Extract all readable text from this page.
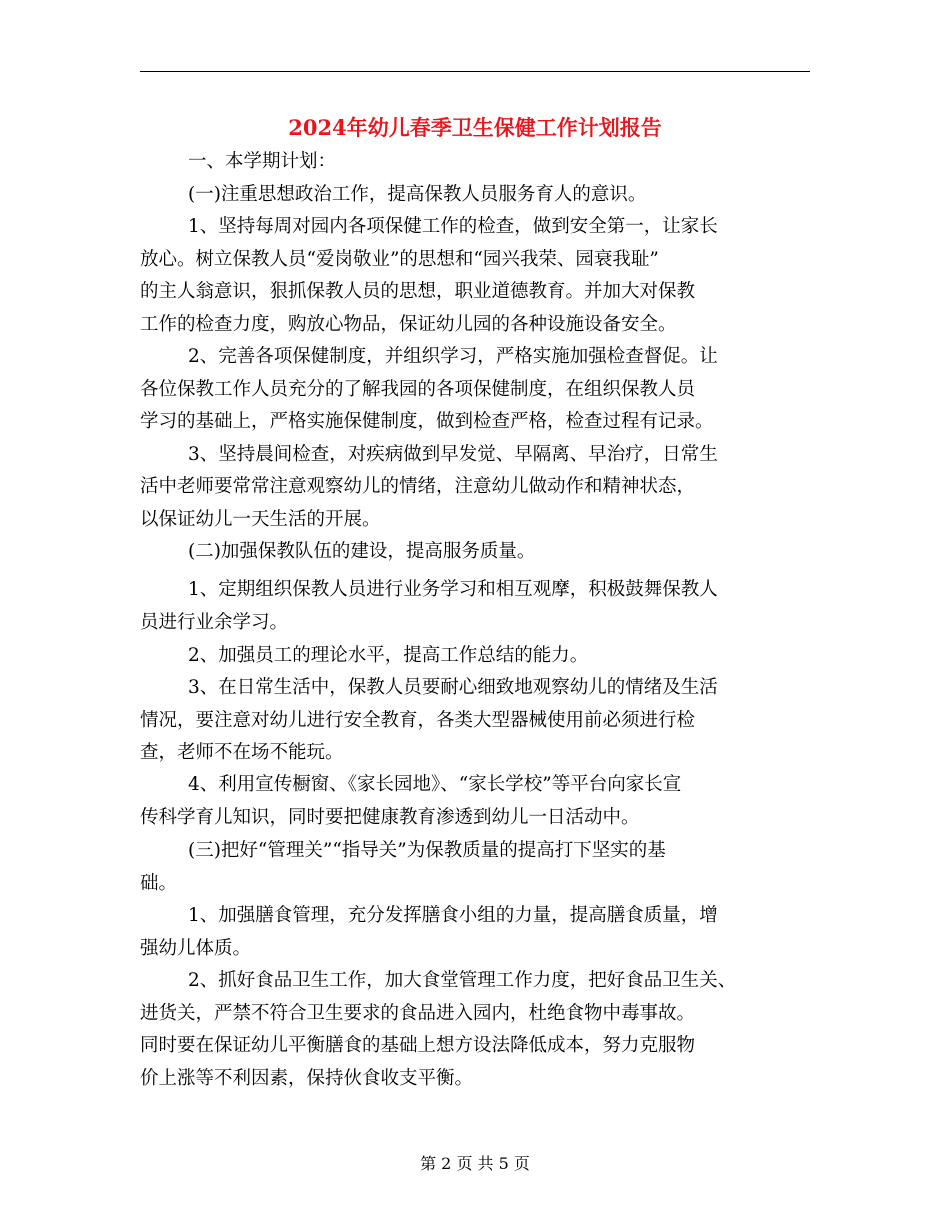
2024年幼儿春季卫生保健工作计划报告
一、本学期计划：
(一)注重思想政治工作，提高保教人员服务育人的意识。
1、坚持每周对园内各项保健工作的检查，做到安全第一，让家长
放心。树立保教人员“爱岗敬业”的思想和“园兴我荣、园衰我耻”
的主人翁意识，狠抓保教人员的思想，职业道德教育。并加大对保教
工作的检查力度，购放心物品，保证幼儿园的各种设施设备安全。
2、完善各项保健制度，并组织学习，严格实施加强检查督促。让
各位保教工作人员充分的了解我园的各项保健制度，在组织保教人员
学习的基础上，严格实施保健制度，做到检查严格，检查过程有记录。
3、坚持晨间检查，对疾病做到早发觉、早隔离、早治疗，日常生
活中老师要常常注意观察幼儿的情绪，注意幼儿做动作和精神状态，
以保证幼儿一天生活的开展。
(二)加强保教队伍的建设，提高服务质量。
1、定期组织保教人员进行业务学习和相互观摩，积极鼓舞保教人
员进行业余学习。
2、加强员工的理论水平，提高工作总结的能力。
3、在日常生活中，保教人员要耐心细致地观察幼儿的情绪及生活
情况，要注意对幼儿进行安全教育，各类大型器械使用前必须进行检
查，老师不在场不能玩。
4、利用宣传橱窗、《家长园地》、“家长学校”等平台向家长宣
传科学育儿知识，同时要把健康教育渗透到幼儿一日活动中。
(三)把好“管理关”“指导关”为保教质量的提高打下坚实的基
础。
1、加强膳食管理，充分发挥膳食小组的力量，提高膳食质量，增
强幼儿体质。
2、抓好食品卫生工作，加大食堂管理工作力度，把好食品卫生关、
进货关，严禁不符合卫生要求的食品进入园内，杜绝食物中毒事故。
同时要在保证幼儿平衡膳食的基础上想方设法降低成本，努力克服物
价上涨等不利因素，保持伙食收支平衡。
第 2 页 共 5 页
